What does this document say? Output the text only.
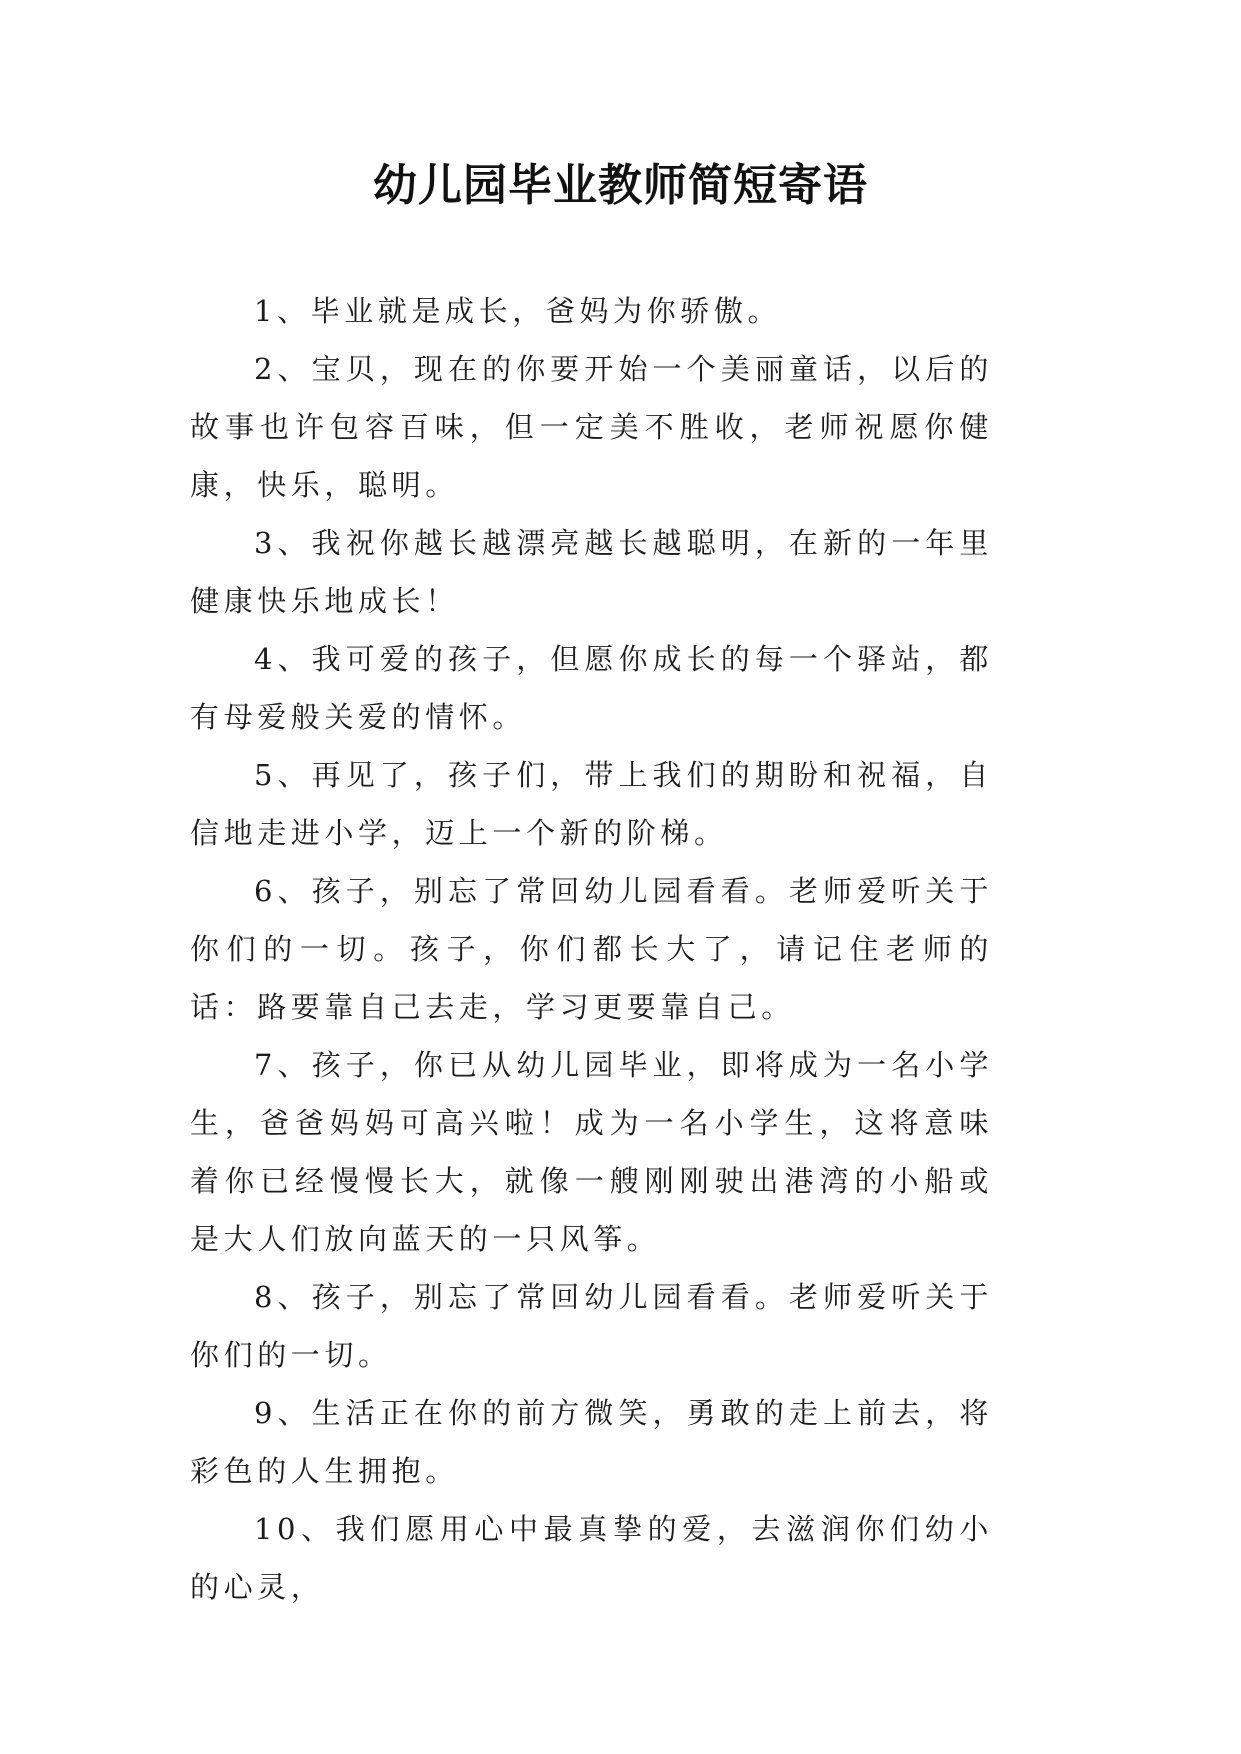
幼儿园毕业教师简短寄语

1、毕业就是成长，爸妈为你骄傲。

2、宝贝，现在的你要开始一个美丽童话，以后的故事也许包容百味，但一定美不胜收，老师祝愿你健康，快乐，聪明。

3、我祝你越长越漂亮越长越聪明，在新的一年里健康快乐地成长！

4、我可爱的孩子，但愿你成长的每一个驿站，都有母爱般关爱的情怀。

5、再见了，孩子们，带上我们的期盼和祝福，自信地走进小学，迈上一个新的阶梯。

6、孩子，别忘了常回幼儿园看看。老师爱听关于你们的一切。孩子，你们都长大了，请记住老师的话：路要靠自己去走，学习更要靠自己。

7、孩子，你已从幼儿园毕业，即将成为一名小学生，爸爸妈妈可高兴啦！成为一名小学生，这将意味着你已经慢慢长大，就像一艘刚刚驶出港湾的小船或是大人们放向蓝天的一只风筝。

8、孩子，别忘了常回幼儿园看看。老师爱听关于你们的一切。

9、生活正在你的前方微笑，勇敢的走上前去，将彩色的人生拥抱。

10、我们愿用心中最真挚的爱，去滋润你们幼小的心灵，
